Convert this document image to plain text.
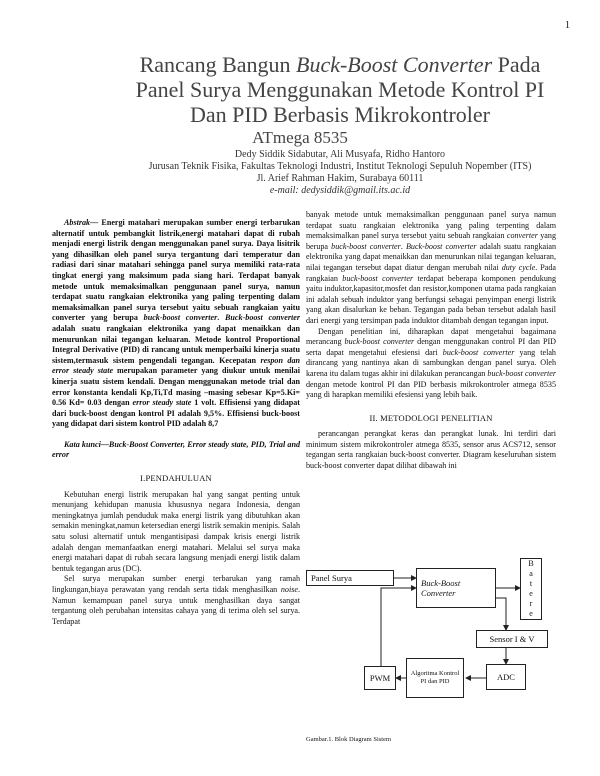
1
Rancang Bangun Buck-Boost Converter Pada
Panel Surya Menggunakan Metode Kontrol PI
Dan PID Berbasis Mikrokontroler
ATmega 8535
Dedy Siddik Sidabutar, Ali Musyafa, Ridho Hantoro
Jurusan Teknik Fisika, Fakultas Teknologi Industri, Institut Teknologi Sepuluh Nopember (ITS)
Jl. Arief Rahman Hakim, Surabaya 60111
e-mail: dedysiddik@gmail.its.ac.id
Abstrak— Energi matahari merupakan sumber energi terbarukan alternatif untuk pembangkit listrik,energi matahari dapat di rubah menjadi energi listrik dengan menggunakan panel surya. Daya lisitrik yang dihasilkan oleh panel surya tergantung dari temperatur dan radiasi dari sinar matahari sehingga panel surya memiliki rata-rata tingkat energi yang maksimum pada siang hari. Terdapat banyak metode untuk memaksimalkan penggunaan panel surya, namun terdapat suatu rangkaian elektronika yang paling terpenting dalam memaksimalkan panel surya tersebut yaitu sebuah rangkaian yaitu converter yang berupa buck-boost converter. Buck-boost converter adalah suatu rangkaian elektronika yang dapat menaikkan dan menurunkan nilai tegangan keluaran. Metode kontrol Proportional Integral Derivative (PID) di rancang untuk memperbaiki kinerja suatu sistem,termasuk sistem pengendali tegangan. Kecepatan respon dan error steady state merupakan parameter yang diukur untuk menilai kinerja suatu sistem kendali. Dengan menggunakan metode trial dan error konstanta kendali Kp,Ti,Td masing –masing sebesar Kp=5.Ki= 0.56 Kd= 0.03 dengan error steady state 1 volt. Effisiensi yang didapat dari buck-boost dengan kontrol PI adalah 9,5%. Effisiensi buck-boost yang didapat dari sistem kontrol PID adalah 8,7
Kata kunci—Buck-Boost Converter, Error steady state, PID, Trial and error
I.PENDAHULUAN
Kebutuhan energi listrik merupakan hal yang sangat penting untuk menunjang kehidupan manusia khususnya negara Indonesia, dengan meningkatnya jumlah penduduk maka energi listrik yang dibutuhkan akan semakin meningkat,namun ketersedian energi listrik semakin menipis. Salah satu solusi alternatif untuk mengantisipasi dampak krisis energi listrik adalah dengan memanfaatkan energi matahari. Melalui sel surya maka energi matahari dapat di rubah secara langsung menjadi energi listik dalam bentuk tegangan arus (DC).
Sel surya merupakan sumber energi terbarukan yang ramah lingkungan,biaya perawatan yang rendah serta tidak menghasilkan noise. Namun kemampuan panel surya untuk menghasilkan daya sangat tergantung oleh perubahan intensitas cahaya yang di terima oleh sel surya. Terdapat
banyak metode untuk memaksimalkan penggunaan panel surya namun terdapat suatu rangkaian elektronika yang paling terpenting dalam memaksimalkan panel surya tersebut yaitu sebuah rangkaian converter yang berupa buck-boost converter. Buck-boost converter adalah suatu rangkaian elektronika yang dapat menaikkan dan menurunkan nilai tegangan keluaran, nilai tegangan tersebut dapat diatur dengan merubah nilai duty cycle. Pada rangkaian buck-boost converter terdapat beberapa komponen pendukung yaitu induktor,kapasitor,mosfet dan resistor,komponen utama pada rangkaian ini adalah sebuah induktor yang berfungsi sebagai penyimpan energi listrik yang akan disalurkan ke beban. Tegangan pada beban tersebut adalah hasil dari energi yang tersimpan pada induktor ditambah dengan tegangan input.
Dengan penelitian ini, diharapkan dapat mengetahui bagaimana merancang buck-boost converter dengan menggunakan control PI dan PID serta dapat mengetahui efesiensi dari buck-boost converter yang telah dirancang yang nantinya akan di sambungkan dengan panel surya. Oleh karena itu dalam tugas akhir ini dilakukan perancangan buck-boost converter dengan metode kontrol PI dan PID berbasis mikrokontroler atmega 8535 yang di harapkan memiliki efesiensi yang lebih baik.
II. METODOLOGI PENELITIAN
perancangan perangkat keras dan perangkat lunak. Ini terdiri dari minimum sistem mikrokontroler atmega 8535, sensor arus ACS712, sensor tegangan serta rangkaian buck-boost converter. Diagram keseluruhan sistem buck-boost converter dapat dilihat dibawah ini
Panel Surya	Buck-Boost Converter
B
a
t
e
r
e
Sensor I & V
ADC
Algoritma Kontrol PI dan PID
PWM
Gambar.1. Blok Diagram Sistem
